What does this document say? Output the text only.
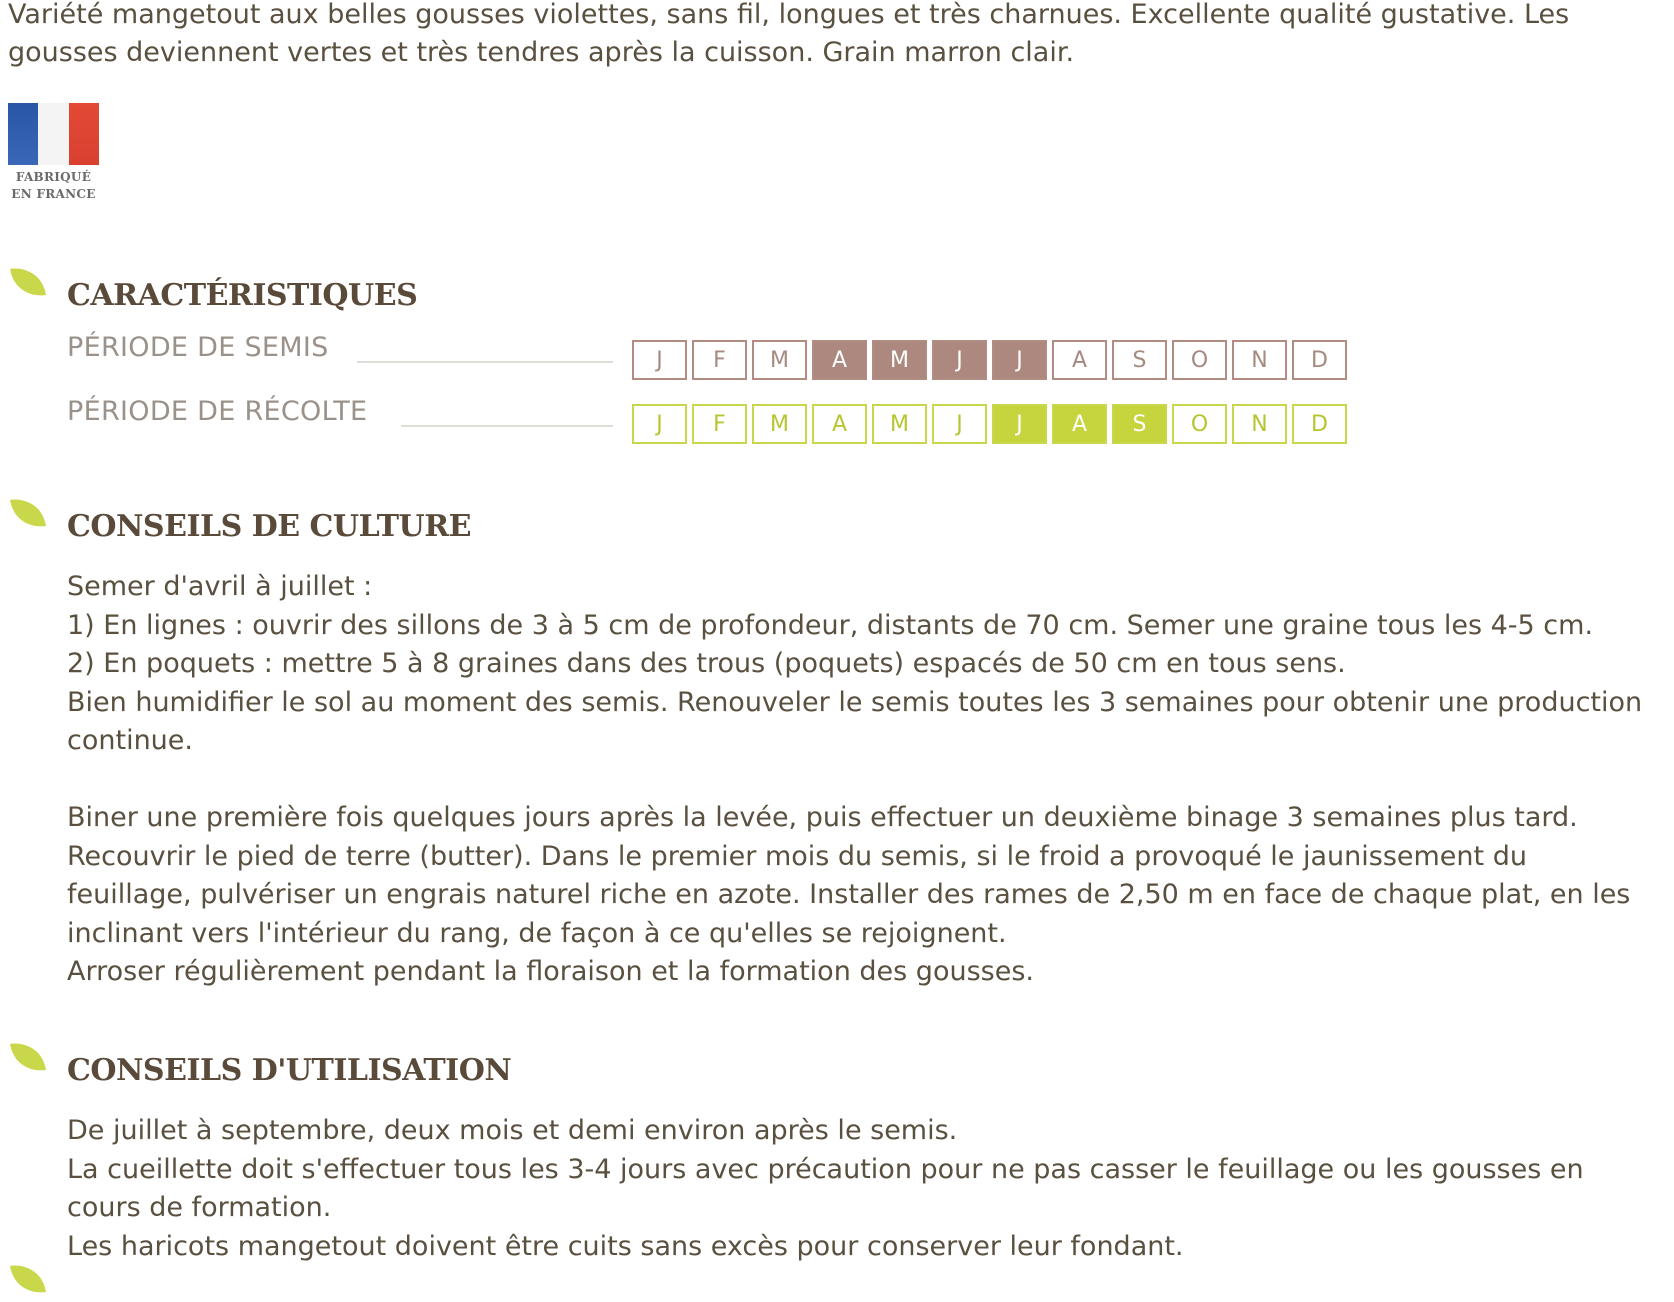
Variété mangetout aux belles gousses violettes, sans fil, longues et très charnues. Excellente qualité gustative. Les gousses deviennent vertes et très tendres après la cuisson. Grain marron clair.

FABRIQUÉ
EN FRANCE
CARACTÉRISTIQUES
PÉRIODE DE SEMIS	J	F	M	A	M	J	J	A	S	O	N	D
PÉRIODE DE RÉCOLTE	J	F	M	A	M	J	J	A	S	O	N	D
CONSEILS DE CULTURE

Semer d'avril à juillet :
1) En lignes : ouvrir des sillons de 3 à 5 cm de profondeur, distants de 70 cm. Semer une graine tous les 4-5 cm.
2) En poquets : mettre 5 à 8 graines dans des trous (poquets) espacés de 50 cm en tous sens.
Bien humidifier le sol au moment des semis. Renouveler le semis toutes les 3 semaines pour obtenir une production continue.

Biner une première fois quelques jours après la levée, puis effectuer un deuxième binage 3 semaines plus tard.
Recouvrir le pied de terre (butter). Dans le premier mois du semis, si le froid a provoqué le jaunissement du feuillage, pulvériser un engrais naturel riche en azote. Installer des rames de 2,50 m en face de chaque plat, en les inclinant vers l'intérieur du rang, de façon à ce qu'elles se rejoignent.
Arroser régulièrement pendant la floraison et la formation des gousses.

CONSEILS D'UTILISATION

De juillet à septembre, deux mois et demi environ après le semis.
La cueillette doit s'effectuer tous les 3-4 jours avec précaution pour ne pas casser le feuillage ou les gousses en cours de formation.
Les haricots mangetout doivent être cuits sans excès pour conserver leur fondant.
